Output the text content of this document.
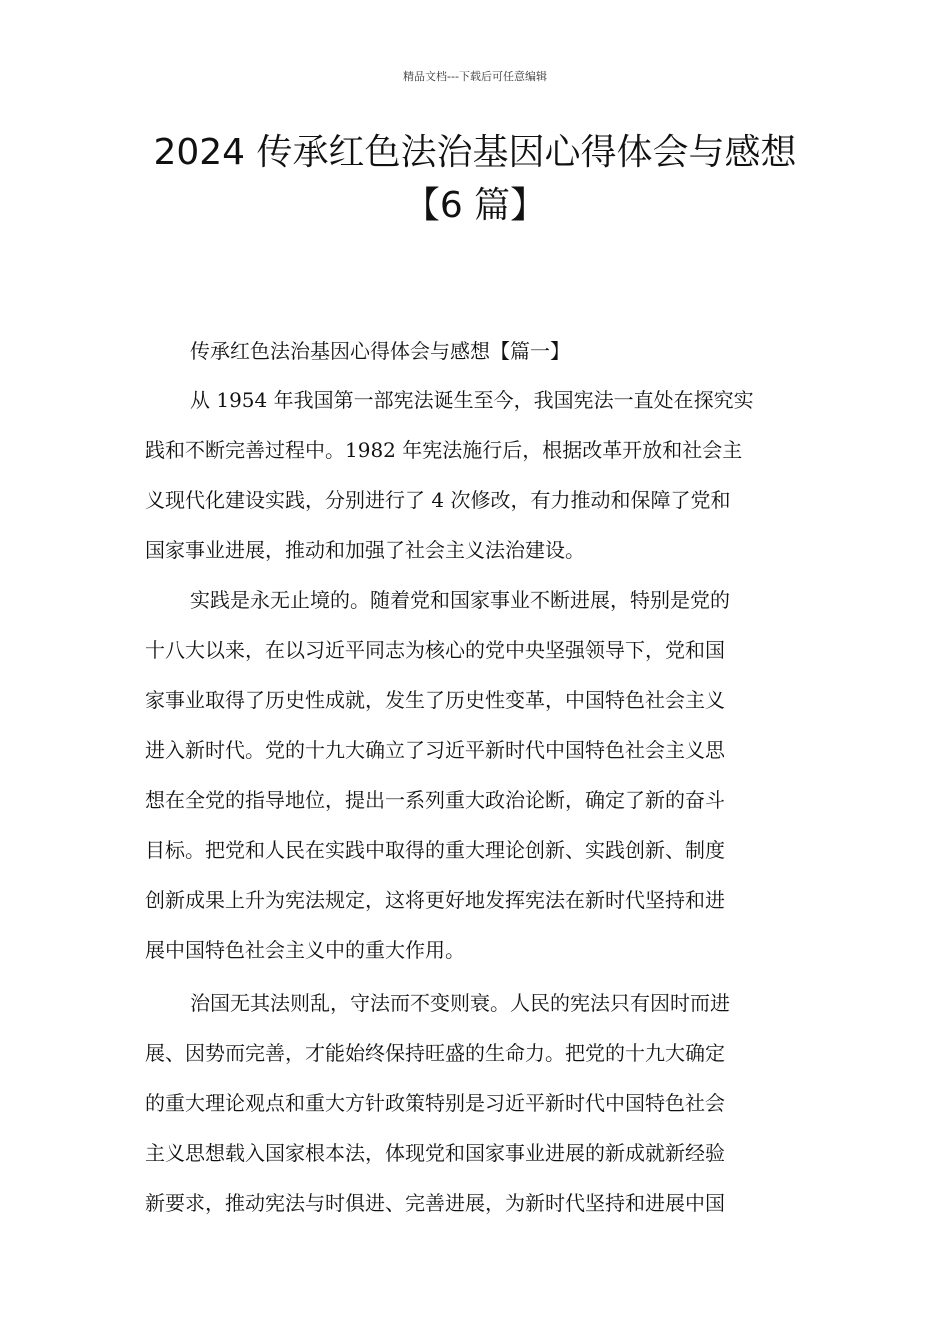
精品文档---下载后可任意编辑
2024 传承红色法治基因心得体会与感想
【6 篇】

传承红色法治基因心得体会与感想【篇一】

从 1954 年我国第一部宪法诞生至今，我国宪法一直处在探究实
践和不断完善过程中。1982 年宪法施行后，根据改革开放和社会主
义现代化建设实践，分别进行了 4 次修改，有力推动和保障了党和
国家事业进展，推动和加强了社会主义法治建设。

实践是永无止境的。随着党和国家事业不断进展，特别是党的
十八大以来，在以习近平同志为核心的党中央坚强领导下，党和国
家事业取得了历史性成就，发生了历史性变革，中国特色社会主义
进入新时代。党的十九大确立了习近平新时代中国特色社会主义思
想在全党的指导地位，提出一系列重大政治论断，确定了新的奋斗
目标。把党和人民在实践中取得的重大理论创新、实践创新、制度
创新成果上升为宪法规定，这将更好地发挥宪法在新时代坚持和进
展中国特色社会主义中的重大作用。

治国无其法则乱，守法而不变则衰。人民的宪法只有因时而进
展、因势而完善，才能始终保持旺盛的生命力。把党的十九大确定
的重大理论观点和重大方针政策特别是习近平新时代中国特色社会
主义思想载入国家根本法，体现党和国家事业进展的新成就新经验
新要求，推动宪法与时俱进、完善进展，为新时代坚持和进展中国
